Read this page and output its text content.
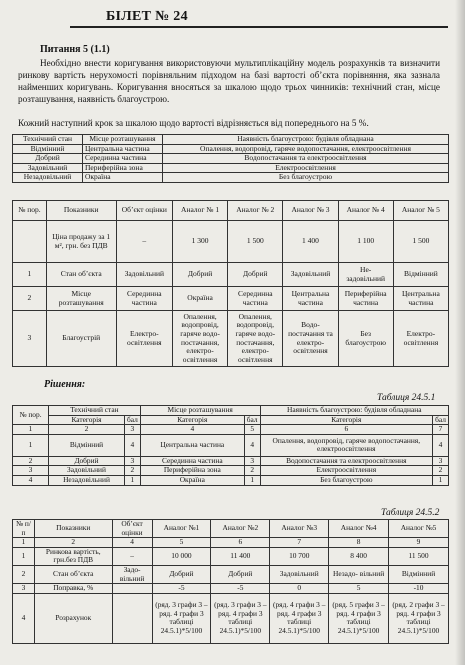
БІЛЕТ № 24
Питання 5 (1.1)
Необхідно внести коригування використовуючи мультиплікаційну модель розрахунків та визначити ринкову вартість нерухомості порівняльним підходом на базі вартості об’єкта порівняння, яка зазнала найменших коригувань. Коригування вносяться за шкалою щодо трьох чинників: технічний стан, місце розташування, наявність благоустрою.
Кожний наступний крок за шкалою щодо вартості відрізняється від попереднього на 5 %.
Технічний стан	Місце розташування	Наявність благоустрою: будівля обладнана
Відмінний	Центральна частина	Опалення, водопровід, гаряче водопостачання, електроосвітлення
Добрий	Серединна частина	Водопостачання та електроосвітлення
Задовільний	Периферійна зона	Електроосвітлення
Незадовільний	Окраїна	Без благоустрою
№ пор.	Показники	Об’єкт оцінки	Аналог № 1	Аналог № 2	Аналог № 3	Аналог № 4	Аналог № 5
	Ціна продажу за 1 м², грн. без ПДВ	–	1 300	1 500	1 400	1 100	1 500
1	Стан об’єкта	Задовільний	Добрий	Добрий	Задовільний	Не- задовільний	Відмінний
2	Місце розташування	Серединна частина	Окраїна	Серединна частина	Центральна частина	Периферійна частина	Центральна частина
3	Благоустрій	Електро- освітлення	Опалення, водопровід, гаряче водо- постачання, електро- освітлення	Опалення, водопровід, гаряче водо- постачання, електро- освітлення	Водо- постачання та електро- освітлення	Без благоустрою	Електро- освітлення
Рішення:
Таблиця 24.5.1
№ пор.	Технічний стан		Місце розташування		Наявність благоустрою: будівля обладнана	
	Категорія	бал	Категорія	бал	Категорія	бал
1	2	3	4	5	6	7
1	Відмінний	4	Центральна частина	4	Опалення, водопровід, гаряче водопостачання, електроосвітлення	4
2	Добрий	3	Серединна частина	3	Водопостачання та електроосвітлення	3
3	Задовільний	2	Периферійна зона	2	Електроосвітлення	2
4	Незадовільний	1	Окраїна	1	Без благоустрою	1
Таблиця 24.5.2
№ п/п	Показники	Об’єкт оцінки	Аналог №1	Аналог №2	Аналог №3	Аналог №4	Аналог №5
1	2	4	5	6	7	8	9
1	Ринкова вартість, грн.без ПДВ	–	10 000	11 400	10 700	8 400	11 500
2	Стан об’єкта	Задо- вільний	Добрий	Добрий	Задовільний	Незадо- вільний	Відмінний
3	Поправка, %		-5	-5	0	5	-10
4	Розрахунок		(ряд. 3 графи 3 – ряд. 4 графи 3 таблиці 24.5.1)*5/100	(ряд. 3 графи 3 – ряд. 4 графи 3 таблиці 24.5.1)*5/100	(ряд. 4 графи 3 – ряд. 4 графи 3 таблиці 24.5.1)*5/100	(ряд. 5 графи 3 – ряд. 4 графи 3 таблиці 24.5.1)*5/100	(ряд. 2 графи 3 – ряд. 4 графи 3 таблиці 24.5.1)*5/100
